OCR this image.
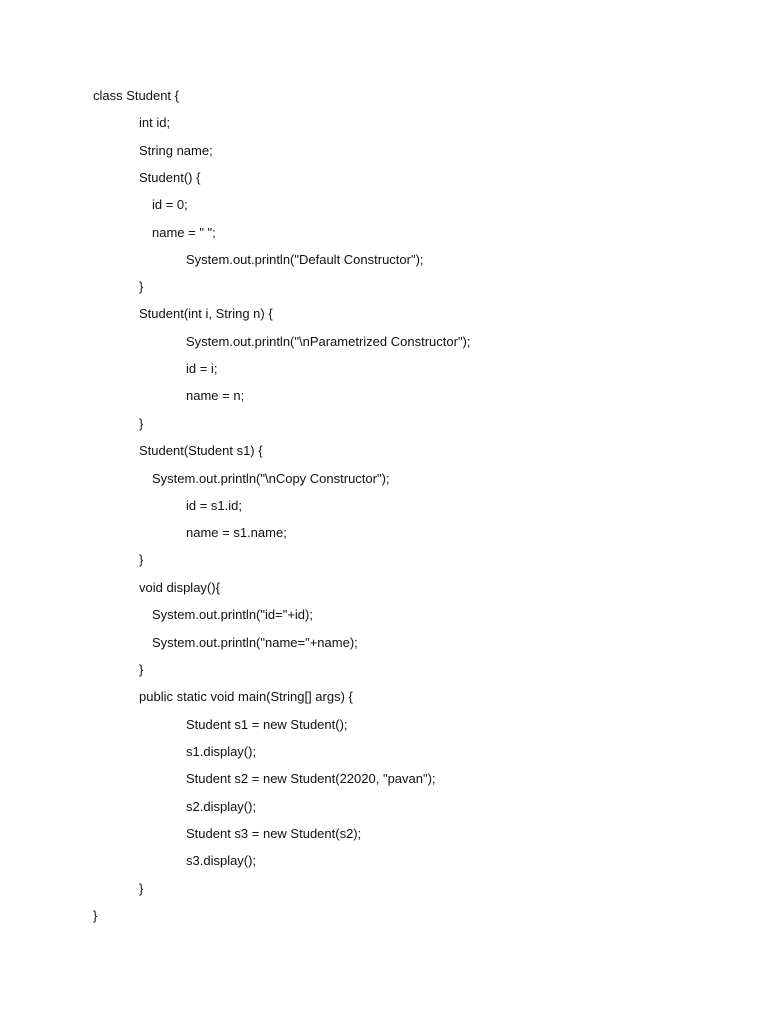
class Student {
int id;
String name;
Student() {
id = 0;
name = " ";
System.out.println("Default Constructor");
}
Student(int i, String n) {
System.out.println("\nParametrized Constructor");
id = i;
name = n;
}
Student(Student s1) {
System.out.println("\nCopy Constructor");
id = s1.id;
name = s1.name;
}
void display(){
System.out.println("id="+id);
System.out.println("name="+name);
}
public static void main(String[] args) {
Student s1 = new Student();
s1.display();
Student s2 = new Student(22020, "pavan");
s2.display();
Student s3 = new Student(s2);
s3.display();
}
}
